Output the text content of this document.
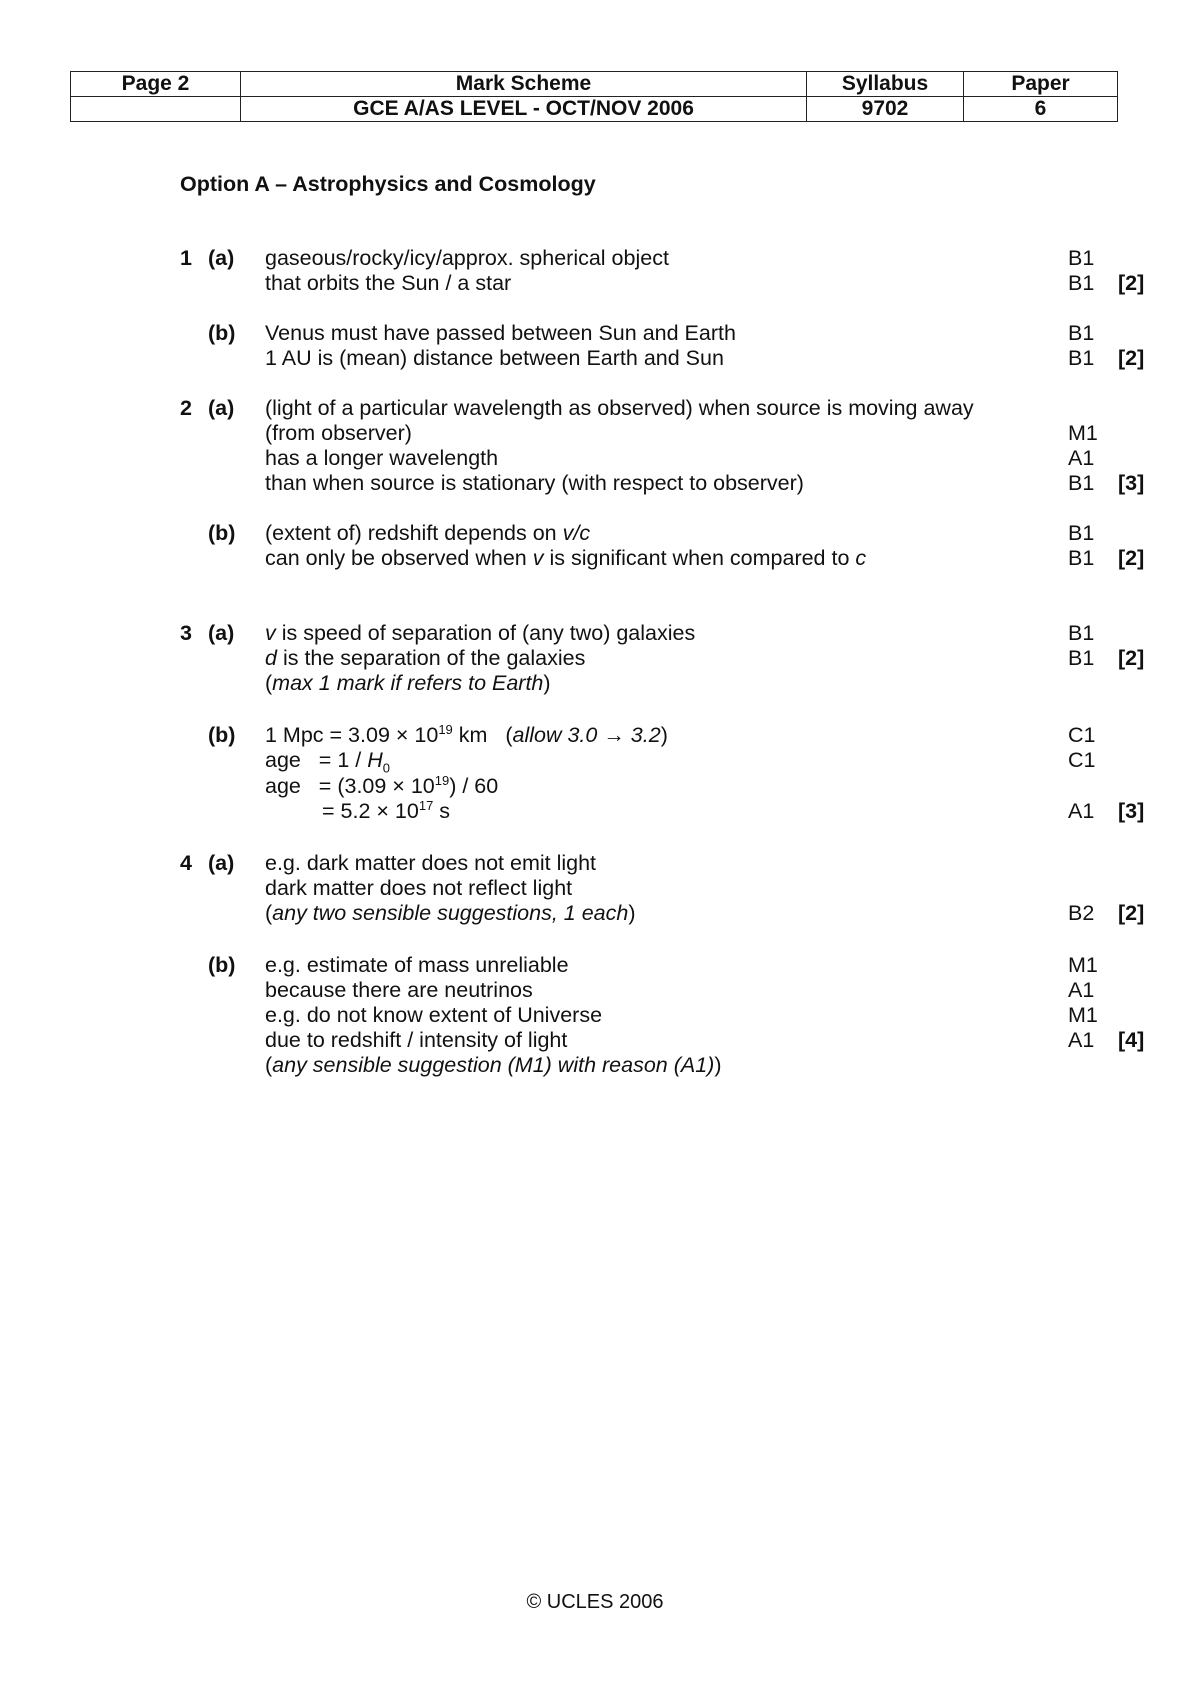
Page 2	Mark Scheme	Syllabus	Paper
	GCE A/AS LEVEL - OCT/NOV 2006	9702	6
Option A – Astrophysics and Cosmology
1 (a) gaseous/rocky/icy/approx. spherical object	B1
that orbits the Sun / a star	B1 [2]
(b) Venus must have passed between Sun and Earth	B1
1 AU is (mean) distance between Earth and Sun	B1 [2]
2 (a) (light of a particular wavelength as observed) when source is moving away
(from observer)	M1
has a longer wavelength	A1
than when source is stationary (with respect to observer)	B1 [3]
(b) (extent of) redshift depends on v/c	B1
can only be observed when v is significant when compared to c	B1 [2]
3 (a) v is speed of separation of (any two) galaxies	B1
d is the separation of the galaxies	B1 [2]
(max 1 mark if refers to Earth)
(b) 1 Mpc = $3.09 \times 10^{19}$ km   (allow 3.0 → 3.2)	C1
age   = $1 / H_0$	C1
age   = $(3.09 \times 10^{19}) / 60$
= $5.2 \times 10^{17}$ s	A1 [3]
4 (a) e.g. dark matter does not emit light
dark matter does not reflect light
(any two sensible suggestions, 1 each)	B2 [2]
(b) e.g. estimate of mass unreliable	M1
because there are neutrinos	A1
e.g. do not know extent of Universe	M1
due to redshift / intensity of light	A1 [4]
(any sensible suggestion (M1) with reason (A1))
© UCLES 2006
